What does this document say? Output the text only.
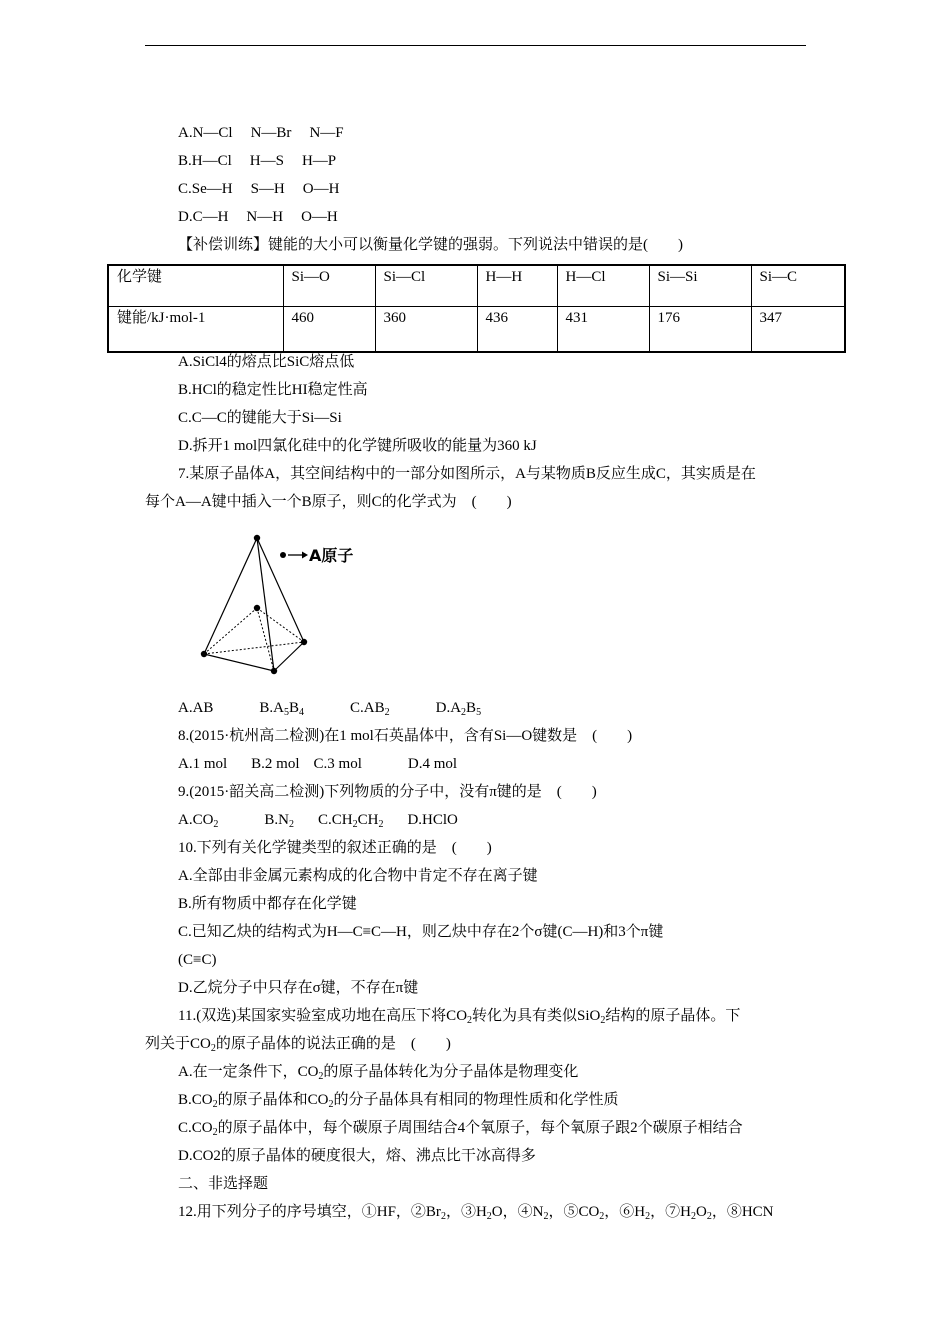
A.N—Cl N—Br N—F
B.H—Cl H—S H—P
C.Se—H S—H O—H
D.C—H N—H O—H
【补偿训练】键能的大小可以衡量化学键的强弱。下列说法中错误的是(　　)
化学键	Si—O	Si—Cl	H—H	H—Cl	Si—Si	Si—C
键能/kJ·mol-1	460	360	436	431	176	347
A.SiCl4的熔点比SiC熔点低
B.HCl的稳定性比HI稳定性高
C.C—C的键能大于Si—Si
D.拆开1 mol四氯化硅中的化学键所吸收的能量为360 kJ
7.某原子晶体A，其空间结构中的一部分如图所示，A与某物质B反应生成C，其实质是在
每个A—A键中插入一个B原子，则C的化学式为　(　　)
A原子
A.AB	$B.A_5B_4$	$C.AB_2$	$D.A_2B_5$
8.(2015·杭州高二检测)在1 mol石英晶体中，含有Si—O键数是　(　　)
A.1 mol B.2 mol C.3 mol	D.4 mol
9.(2015·韶关高二检测)下列物质的分子中，没有π键的是　(　　)
$A.CO_2$	$B.N_2$ $C.CH_2CH_2$ D.HClO
10.下列有关化学键类型的叙述正确的是　(　　)
A.全部由非金属元素构成的化合物中肯定不存在离子键
B.所有物质中都存在化学键
C.已知乙炔的结构式为H—C≡C—H，则乙炔中存在2个σ键(C—H)和3个π键
(C≡C)
D.乙烷分子中只存在σ键，不存在π键
11.(双选)某国家实验室成功地在高压下将$CO_2$转化为具有类似SiO$_2$结构的原子晶体。下
列关于$CO_2$的原子晶体的说法正确的是　(　　)
A.在一定条件下，$CO_2$的原子晶体转化为分子晶体是物理变化
$B.CO_2$的原子晶体和$CO_2$的分子晶体具有相同的物理性质和化学性质
$C.CO_2$的原子晶体中，每个碳原子周围结合4个氧原子，每个氧原子跟2个碳原子相结合
D.CO2的原子晶体的硬度很大，熔、沸点比干冰高得多
二、非选择题
12.用下列分子的序号填空，①HF，$②Br_2$，$③H_2O$，$④N_2$，$⑤CO_2$，$⑥H_2$，$⑦H_2O_2$，⑧HCN
